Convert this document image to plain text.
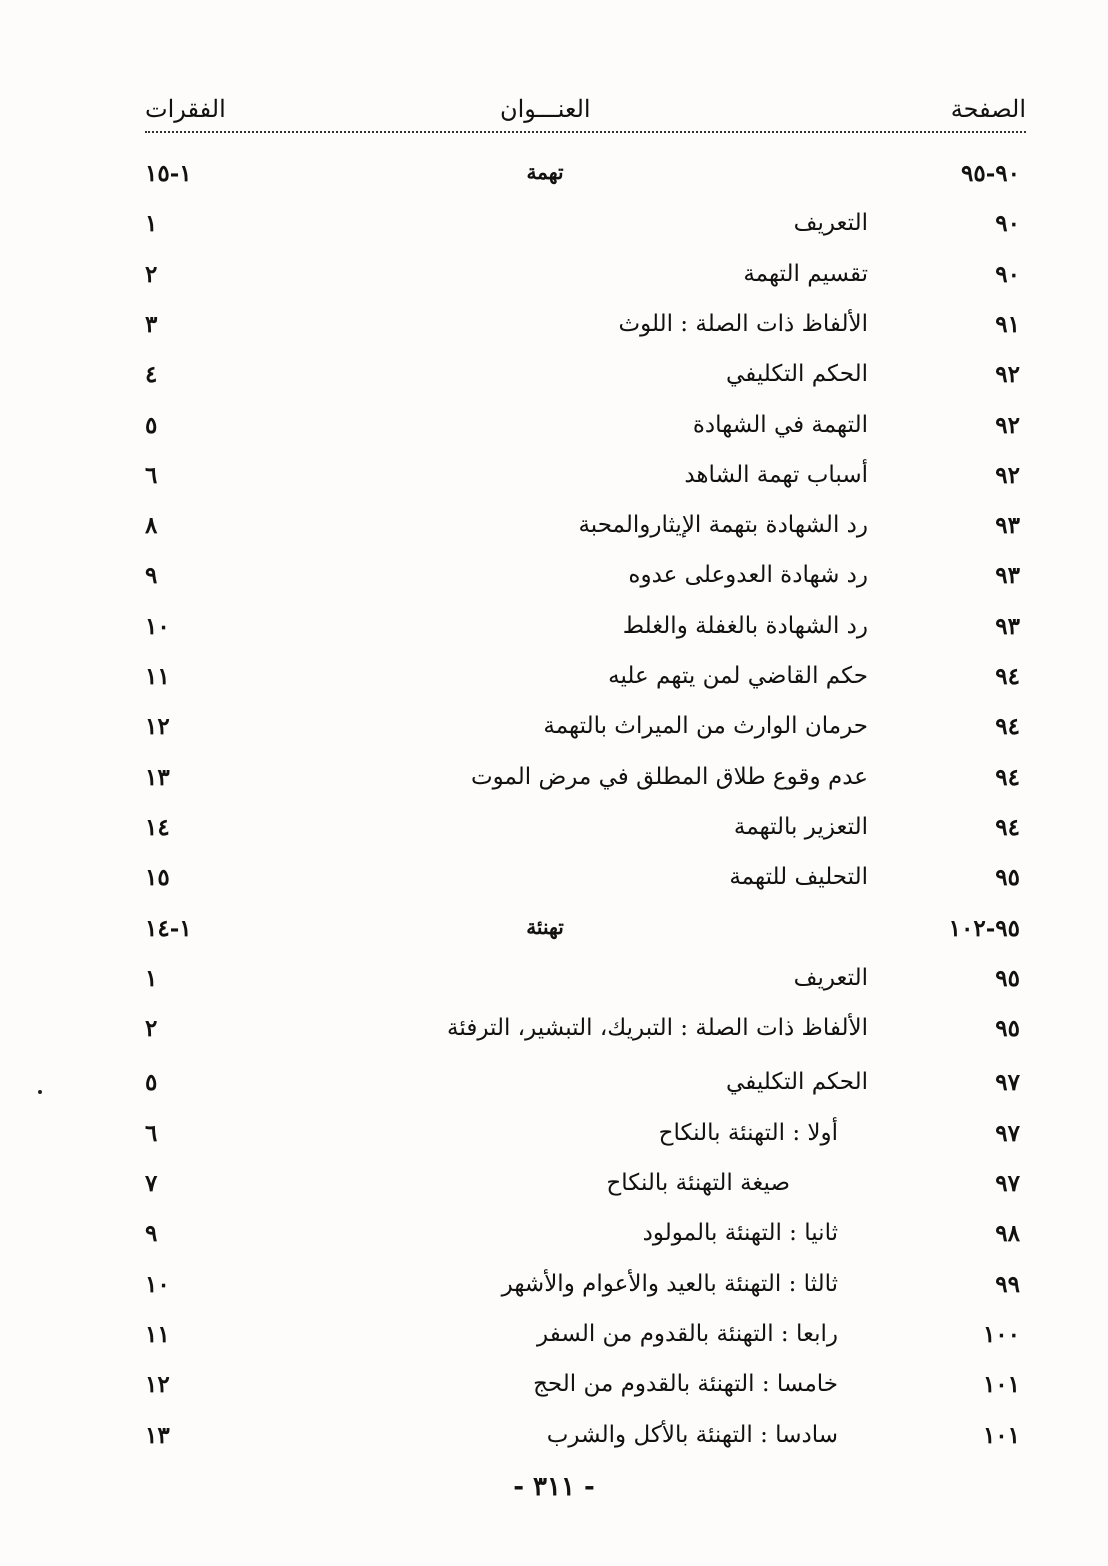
الصفحة
العنـــوان
الفقرات
٩٠-٩٥
تهمة
١-١٥
٩٠
التعريف
١
٩٠
تقسيم التهمة
٢
٩١
الألفاظ ذات الصلة : اللوث
٣
٩٢
الحكم التكليفي
٤
٩٢
التهمة في الشهادة
٥
٩٢
أسباب تهمة الشاهد
٦
٩٣
رد الشهادة بتهمة الإيثاروالمحبة
٨
٩٣
رد شهادة العدوعلى عدوه
٩
٩٣
رد الشهادة بالغفلة والغلط
١٠
٩٤
حكم القاضي لمن يتهم عليه
١١
٩٤
حرمان الوارث من الميراث بالتهمة
١٢
٩٤
عدم وقوع طلاق المطلق في مرض الموت
١٣
٩٤
التعزير بالتهمة
١٤
٩٥
التحليف للتهمة
١٥
٩٥-١٠٢
تهنئة
١-١٤
٩٥
التعريف
١
٩٥
الألفاظ ذات الصلة : التبريك، التبشير، الترفئة
٢
٩٧
الحكم التكليفي
٥
٩٧
أولا : التهنئة بالنكاح
٦
٩٧
صيغة التهنئة بالنكاح
٧
٩٨
ثانيا : التهنئة بالمولود
٩
٩٩
ثالثا : التهنئة بالعيد والأعوام والأشهر
١٠
١٠٠
رابعا : التهنئة بالقدوم من السفر
١١
١٠١
خامسا : التهنئة بالقدوم من الحج
١٢
١٠١
سادسا : التهنئة بالأكل والشرب
١٣
- ٣١١ -
